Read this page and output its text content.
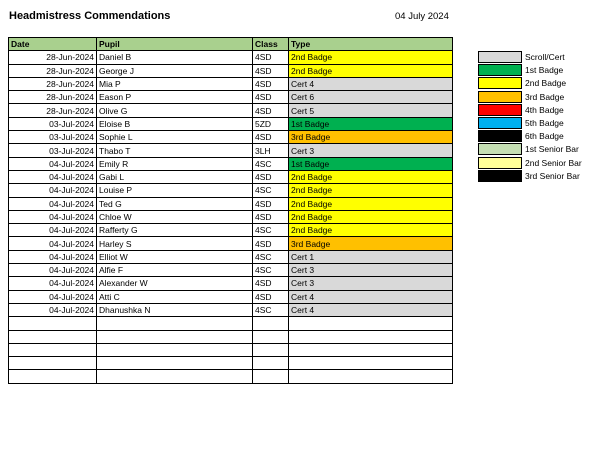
Headmistress Commendations	04 July 2024
Date	Pupil	Class	Type
28-Jun-2024	Daniel B	4SD	2nd Badge
28-Jun-2024	George J	4SD	2nd Badge
28-Jun-2024	Mia P	4SD	Cert 4
28-Jun-2024	Eason P	4SD	Cert 6
28-Jun-2024	Olive G	4SD	Cert 5
03-Jul-2024	Eloise B	5ZD	1st Badge
03-Jul-2024	Sophie L	4SD	3rd Badge
03-Jul-2024	Thabo T	3LH	Cert 3
04-Jul-2024	Emily R	4SC	1st Badge
04-Jul-2024	Gabi L	4SD	2nd Badge
04-Jul-2024	Louise P	4SC	2nd Badge
04-Jul-2024	Ted G	4SD	2nd Badge
04-Jul-2024	Chloe W	4SD	2nd Badge
04-Jul-2024	Rafferty G	4SC	2nd Badge
04-Jul-2024	Harley S	4SD	3rd Badge
04-Jul-2024	Elliot W	4SC	Cert 1
04-Jul-2024	Alfie F	4SC	Cert 3
04-Jul-2024	Alexander W	4SD	Cert 3
04-Jul-2024	Atti C	4SD	Cert 4
04-Jul-2024	Dhanushka N	4SC	Cert 4

Scroll/Cert
1st Badge
2nd Badge
3rd Badge
4th Badge
5th Badge
6th Badge
1st Senior Bar
2nd Senior Bar
3rd Senior Bar
